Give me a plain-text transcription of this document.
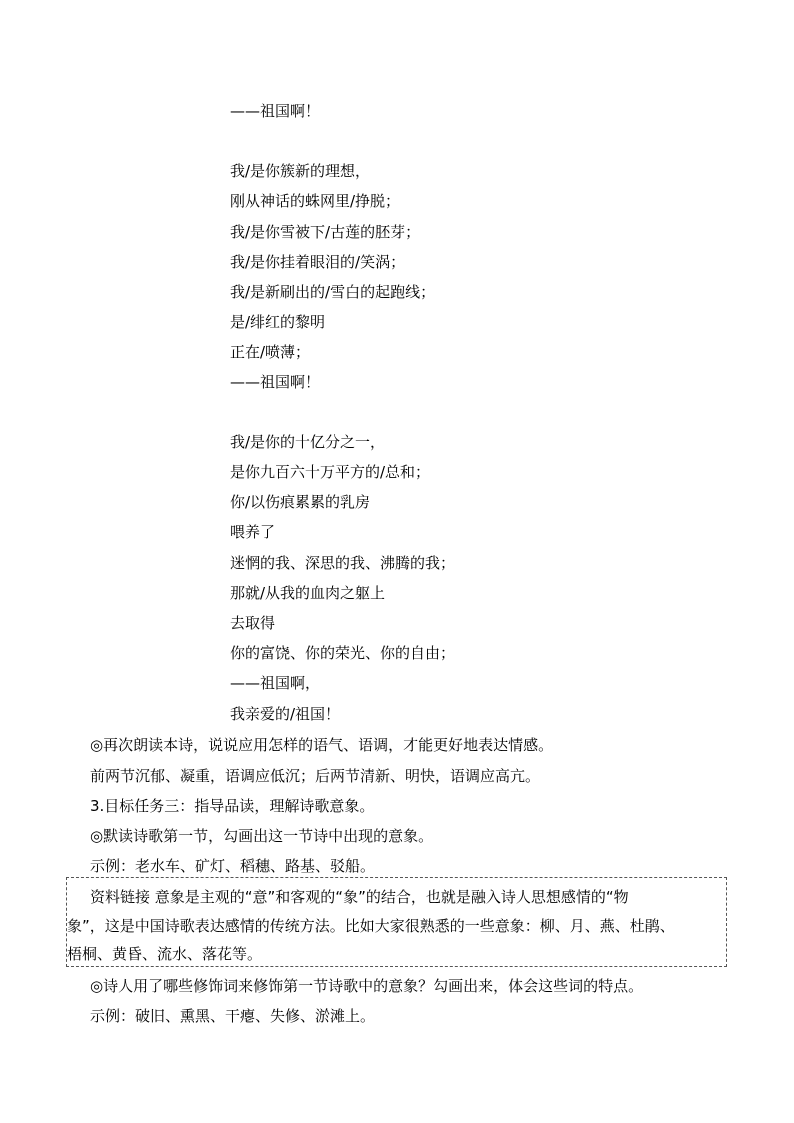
——祖国啊！
我/是你簇新的理想，
刚从神话的蛛网里/挣脱；
我/是你雪被下/古莲的胚芽；
我/是你挂着眼泪的/笑涡；
我/是新刷出的/雪白的起跑线；
是/绯红的黎明
正在/喷薄；
——祖国啊！
我/是你的十亿分之一，
是你九百六十万平方的/总和；
你/以伤痕累累的乳房
喂养了
迷惘的我、深思的我、沸腾的我；
那就/从我的血肉之躯上
去取得
你的富饶、你的荣光、你的自由；
——祖国啊，
我亲爱的/祖国！
◎再次朗读本诗，说说应用怎样的语气、语调，才能更好地表达情感。
前两节沉郁、凝重，语调应低沉；后两节清新、明快，语调应高亢。
3.目标任务三：指导品读，理解诗歌意象。
◎默读诗歌第一节，勾画出这一节诗中出现的意象。
示例：老水车、矿灯、稻穗、路基、驳船。
资料链接 意象是主观的“意”和客观的“象”的结合，也就是融入诗人思想感情的“物
象”，这是中国诗歌表达感情的传统方法。比如大家很熟悉的一些意象：柳、月、燕、杜鹃、
梧桐、黄昏、流水、落花等。
◎诗人用了哪些修饰词来修饰第一节诗歌中的意象？勾画出来，体会这些词的特点。
示例：破旧、熏黑、干瘪、失修、淤滩上。
